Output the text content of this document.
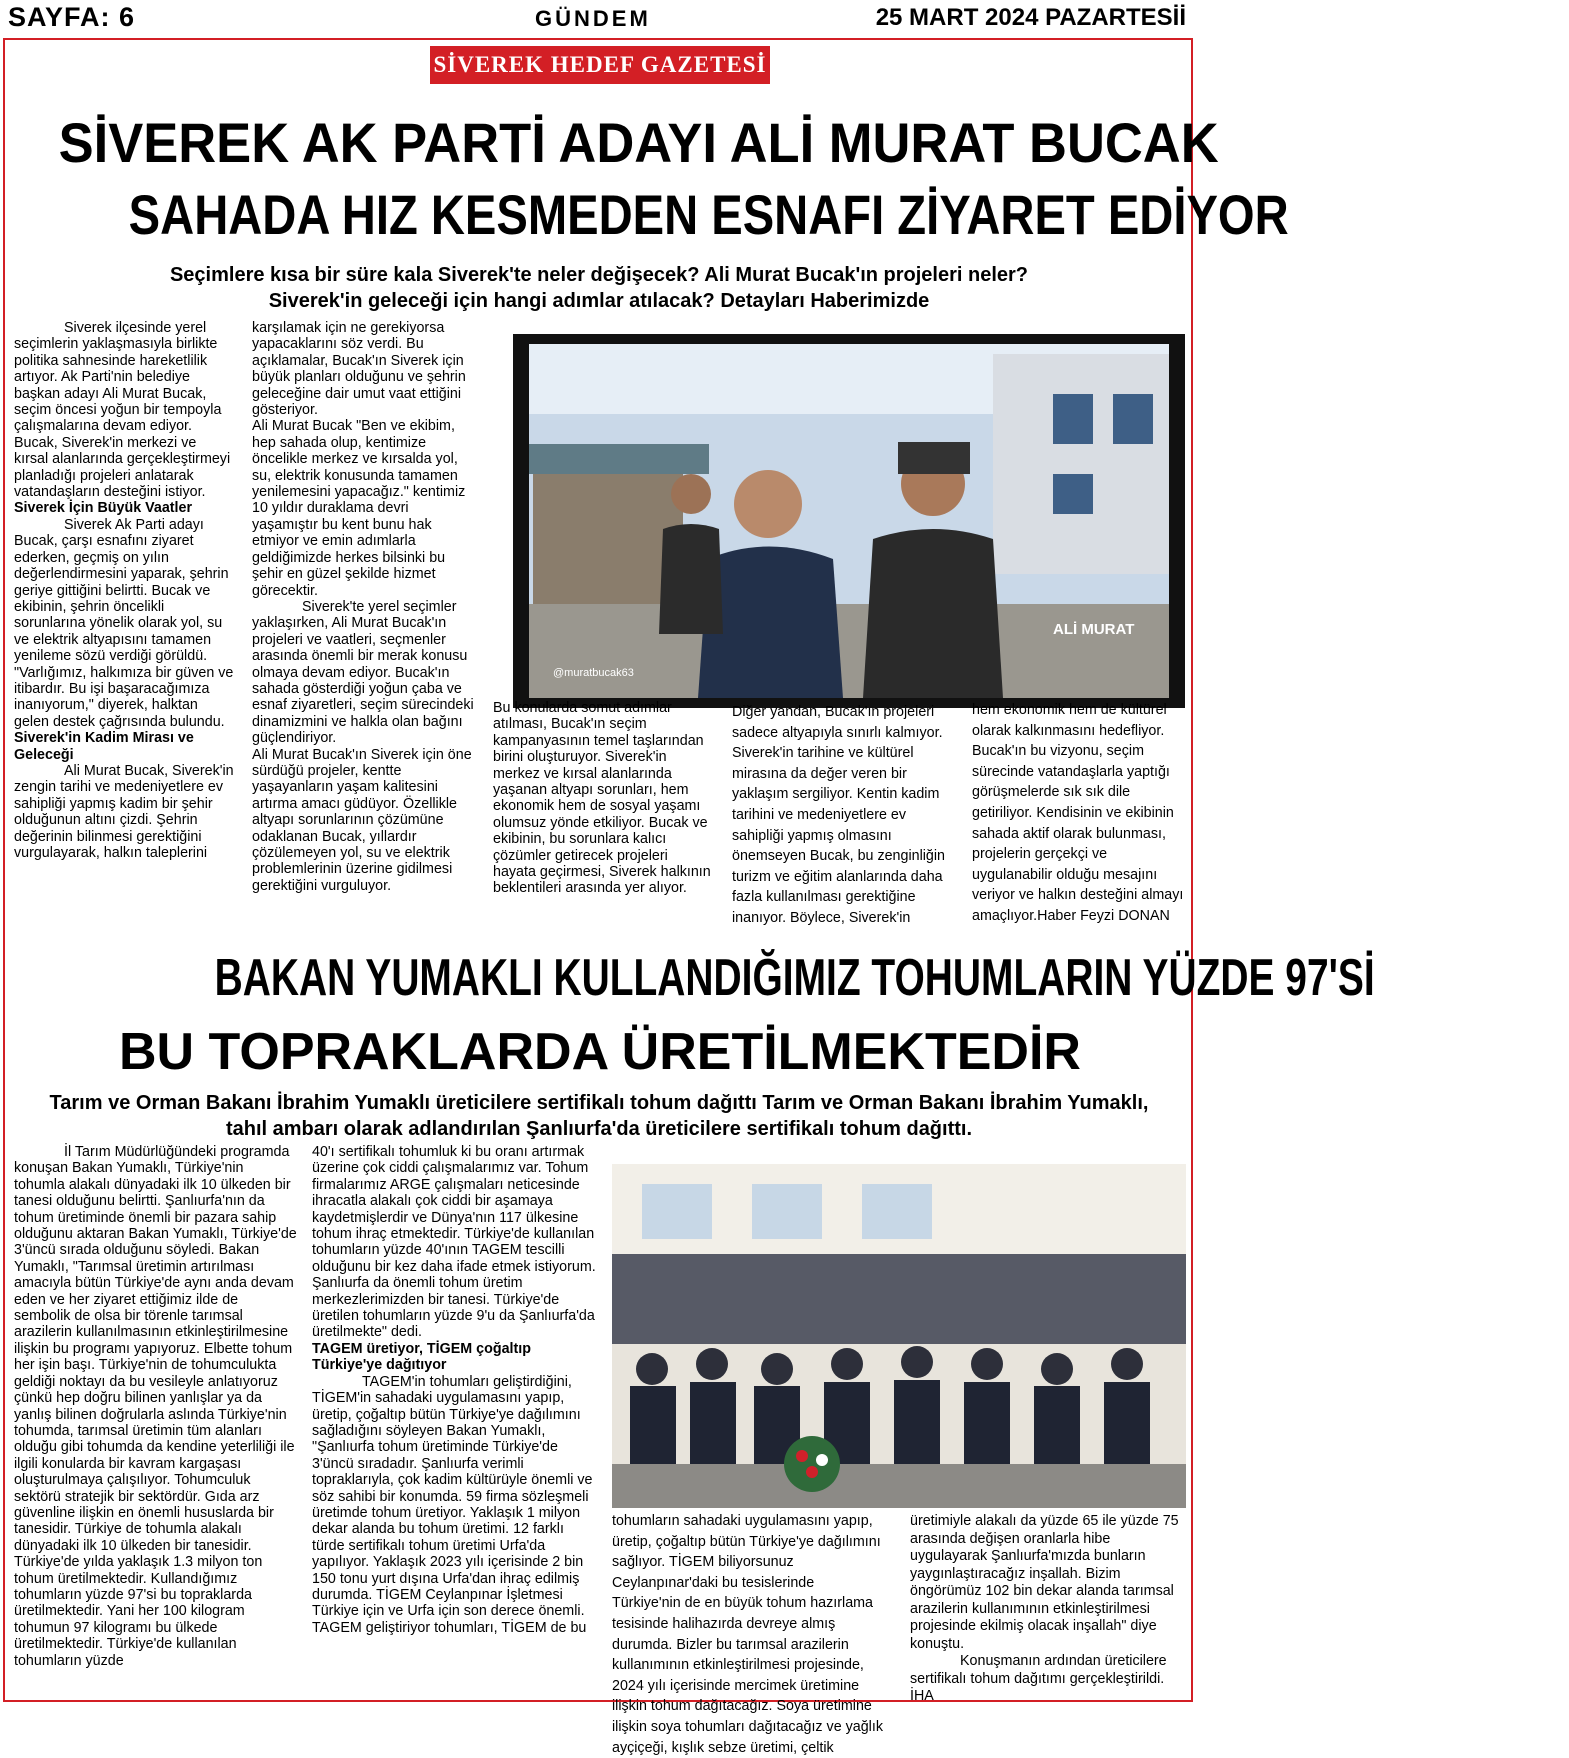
SAYFA: 6	GÜNDEM	25 MART 2024 PAZARTESİİ
SİVEREK HEDEF GAZETESİ
SİVEREK AK PARTİ ADAYI ALİ MURAT BUCAK
SAHADA HIZ KESMEDEN ESNAFI ZİYARET EDİYOR
Seçimlere kısa bir süre kala Siverek'te neler değişecek? Ali Murat Bucak'ın projeleri neler?
Siverek'in geleceği için hangi adımlar atılacak? Detayları Haberimizde

Siverek ilçesinde yerel seçimlerin yaklaşmasıyla birlikte politika sahnesinde hareketlilik artıyor. Ak Parti'nin belediye başkan adayı Ali Murat Bucak, seçim öncesi yoğun bir tempoyla çalışmalarına devam ediyor. Bucak, Siverek'in merkezi ve kırsal alanlarında gerçekleştirmeyi planladığı projeleri anlatarak vatandaşların desteğini istiyor.

Siverek İçin Büyük Vaatler

Siverek Ak Parti adayı Bucak, çarşı esnafını ziyaret ederken, geçmiş on yılın değerlendirmesini yaparak, şehrin geriye gittiğini belirtti. Bucak ve ekibinin, şehrin öncelikli sorunlarına yönelik olarak yol, su ve elektrik altyapısını tamamen yenileme sözü verdiği görüldü. "Varlığımız, halkımıza bir güven ve itibardır. Bu işi başaracağımıza inanıyorum," diyerek, halktan gelen destek çağrısında bulundu.

Siverek'in Kadim Mirası ve Geleceği

Ali Murat Bucak, Siverek'in zengin tarihi ve medeniyetlere ev sahipliği yapmış kadim bir şehir olduğunun altını çizdi. Şehrin değerinin bilinmesi gerektiğini vurgulayarak, halkın taleplerini

karşılamak için ne gerekiyorsa yapacaklarını söz verdi. Bu açıklamalar, Bucak'ın Siverek için büyük planları olduğunu ve şehrin geleceğine dair umut vaat ettiğini gösteriyor.

Ali Murat Bucak "Ben ve ekibim, hep sahada olup, kentimize öncelikle merkez ve kırsalda yol, su, elektrik konusunda tamamen yenilemesini yapacağız." kentimiz 10 yıldır duraklama devri yaşamıştır bu kent bunu hak etmiyor ve emin adımlarla geldiğimizde herkes bilsinki bu şehir en güzel şekilde hizmet görecektir.

Siverek'te yerel seçimler yaklaşırken, Ali Murat Bucak'ın projeleri ve vaatleri, seçmenler arasında önemli bir merak konusu olmaya devam ediyor. Bucak'ın sahada gösterdiği yoğun çaba ve esnaf ziyaretleri, seçim sürecindeki dinamizmini ve halkla olan bağını güçlendiriyor.

Ali Murat Bucak'ın Siverek için öne sürdüğü projeler, kentte yaşayanların yaşam kalitesini artırma amacı güdüyor. Özellikle altyapı sorunlarının çözümüne odaklanan Bucak, yıllardır çözülemeyen yol, su ve elektrik problemlerinin üzerine gidilmesi gerektiğini vurguluyor.

ALİ MURAT
@muratbucak63
Bu konularda somut adımlar atılması, Bucak'ın seçim kampanyasının temel taşlarından birini oluşturuyor. Siverek'in merkez ve kırsal alanlarında yaşanan altyapı sorunları, hem ekonomik hem de sosyal yaşamı olumsuz yönde etkiliyor. Bucak ve ekibinin, bu sorunlara kalıcı çözümler getirecek projeleri hayata geçirmesi, Siverek halkının beklentileri arasında yer alıyor.
Diğer yandan, Bucak'ın projeleri sadece altyapıyla sınırlı kalmıyor. Siverek'in tarihine ve kültürel mirasına da değer veren bir yaklaşım sergiliyor. Kentin kadim tarihini ve medeniyetlere ev sahipliği yapmış olmasını önemseyen Bucak, bu zenginliğin turizm ve eğitim alanlarında daha fazla kullanılması gerektiğine inanıyor. Böylece, Siverek'in
hem ekonomik hem de kültürel olarak kalkınmasını hedefliyor. Bucak'ın bu vizyonu, seçim sürecinde vatandaşlarla yaptığı görüşmelerde sık sık dile getiriliyor. Kendisinin ve ekibinin sahada aktif olarak bulunması, projelerin gerçekçi ve uygulanabilir olduğu mesajını veriyor ve halkın desteğini almayı amaçlıyor.Haber Feyzi DONAN
BAKAN YUMAKLI KULLANDIĞIMIZ TOHUMLARIN YÜZDE 97'Sİ
BU TOPRAKLARDA ÜRETİLMEKTEDİR
Tarım ve Orman Bakanı İbrahim Yumaklı üreticilere sertifikalı tohum dağıttı Tarım ve Orman Bakanı İbrahim Yumaklı,
tahıl ambarı olarak adlandırılan Şanlıurfa'da üreticilere sertifikalı tohum dağıttı.

İl Tarım Müdürlüğündeki programda konuşan Bakan Yumaklı, Türkiye'nin tohumla alakalı dünyadaki ilk 10 ülkeden bir tanesi olduğunu belirtti. Şanlıurfa'nın da tohum üretiminde önemli bir pazara sahip olduğunu aktaran Bakan Yumaklı, Türkiye'de 3'üncü sırada olduğunu söyledi. Bakan Yumaklı, "Tarımsal üretimin artırılması amacıyla bütün Türkiye'de aynı anda devam eden ve her ziyaret ettiğimiz ilde de sembolik de olsa bir törenle tarımsal arazilerin kullanılmasının etkinleştirilmesine ilişkin bu programı yapıyoruz. Elbette tohum her işin başı. Türkiye'nin de tohumculukta geldiği noktayı da bu vesileyle anlatıyoruz çünkü hep doğru bilinen yanlışlar ya da yanlış bilinen doğrularla aslında Türkiye'nin tohumda, tarımsal üretimin tüm alanları olduğu gibi tohumda da kendine yeterliliği ile ilgili konularda bir kavram kargaşası oluşturulmaya çalışılıyor. Tohumculuk sektörü stratejik bir sektördür. Gıda arz güvenline ilişkin en önemli hususlarda bir tanesidir. Türkiye de tohumla alakalı dünyadaki ilk 10 ülkeden bir tanesidir. Türkiye'de yılda yaklaşık 1.3 milyon ton tohum üretilmektedir. Kullandığımız tohumların yüzde 97'si bu topraklarda üretilmektedir. Yani her 100 kilogram tohumun 97 kilogramı bu ülkede üretilmektedir. Türkiye'de kullanılan tohumların yüzde

40'ı sertifikalı tohumluk ki bu oranı artırmak üzerine çok ciddi çalışmalarımız var. Tohum firmalarımız ARGE çalışmaları neticesinde ihracatla alakalı çok ciddi bir aşamaya kaydetmişlerdir ve Dünya'nın 117 ülkesine tohum ihraç etmektedir. Türkiye'de kullanılan tohumların yüzde 40'ının TAGEM tescilli olduğunu bir kez daha ifade etmek istiyorum. Şanlıurfa da önemli tohum üretim merkezlerimizden bir tanesi. Türkiye'de üretilen tohumların yüzde 9'u da Şanlıurfa'da üretilmekte" dedi.

TAGEM üretiyor, TİGEM çoğaltıp Türkiye'ye dağıtıyor

TAGEM'in tohumları geliştirdiğini, TİGEM'in sahadaki uygulamasını yapıp, üretip, çoğaltıp bütün Türkiye'ye dağılımını sağladığını söyleyen Bakan Yumaklı, "Şanlıurfa tohum üretiminde Türkiye'de 3'üncü sıradadır. Şanlıurfa verimli topraklarıyla, çok kadim kültürüyle önemli ve söz sahibi bir konumda. 59 firma sözleşmeli üretimde tohum üretiyor. Yaklaşık 1 milyon dekar alanda bu tohum üretimi. 12 farklı türde sertifikalı tohum üretimi Urfa'da yapılıyor. Yaklaşık 2023 yılı içerisinde 2 bin 150 tonu yurt dışına Urfa'dan ihraç edilmiş durumda. TİGEM Ceylanpınar İşletmesi Türkiye için ve Urfa için son derece önemli. TAGEM geliştiriyor tohumları, TİGEM de bu

tohumların sahadaki uygulamasını yapıp, üretip, çoğaltıp bütün Türkiye'ye dağılımını sağlıyor. TİGEM biliyorsunuz Ceylanpınar'daki bu tesislerinde Türkiye'nin de en büyük tohum hazırlama tesisinde halihazırda devreye almış durumda. Bizler bu tarımsal arazilerin kullanımının etkinleştirilmesi projesinde, 2024 yılı içerisinde mercimek üretimine ilişkin tohum dağıtacağız. Soya üretimine ilişkin soya tohumları dağıtacağız ve yağlık ayçiçeği, kışlık sebze üretimi, çeltik

üretimiyle alakalı da yüzde 65 ile yüzde 75 arasında değişen oranlarla hibe uygulayarak Şanlıurfa'mızda bunların yaygınlaştıracağız inşallah. Bizim öngörümüz 102 bin dekar alanda tarımsal arazilerin kullanımının etkinleştirilmesi projesinde ekilmiş olacak inşallah" diye konuştu.

Konuşmanın ardından üreticilere sertifikalı tohum dağıtımı gerçekleştirildi.

İHA
